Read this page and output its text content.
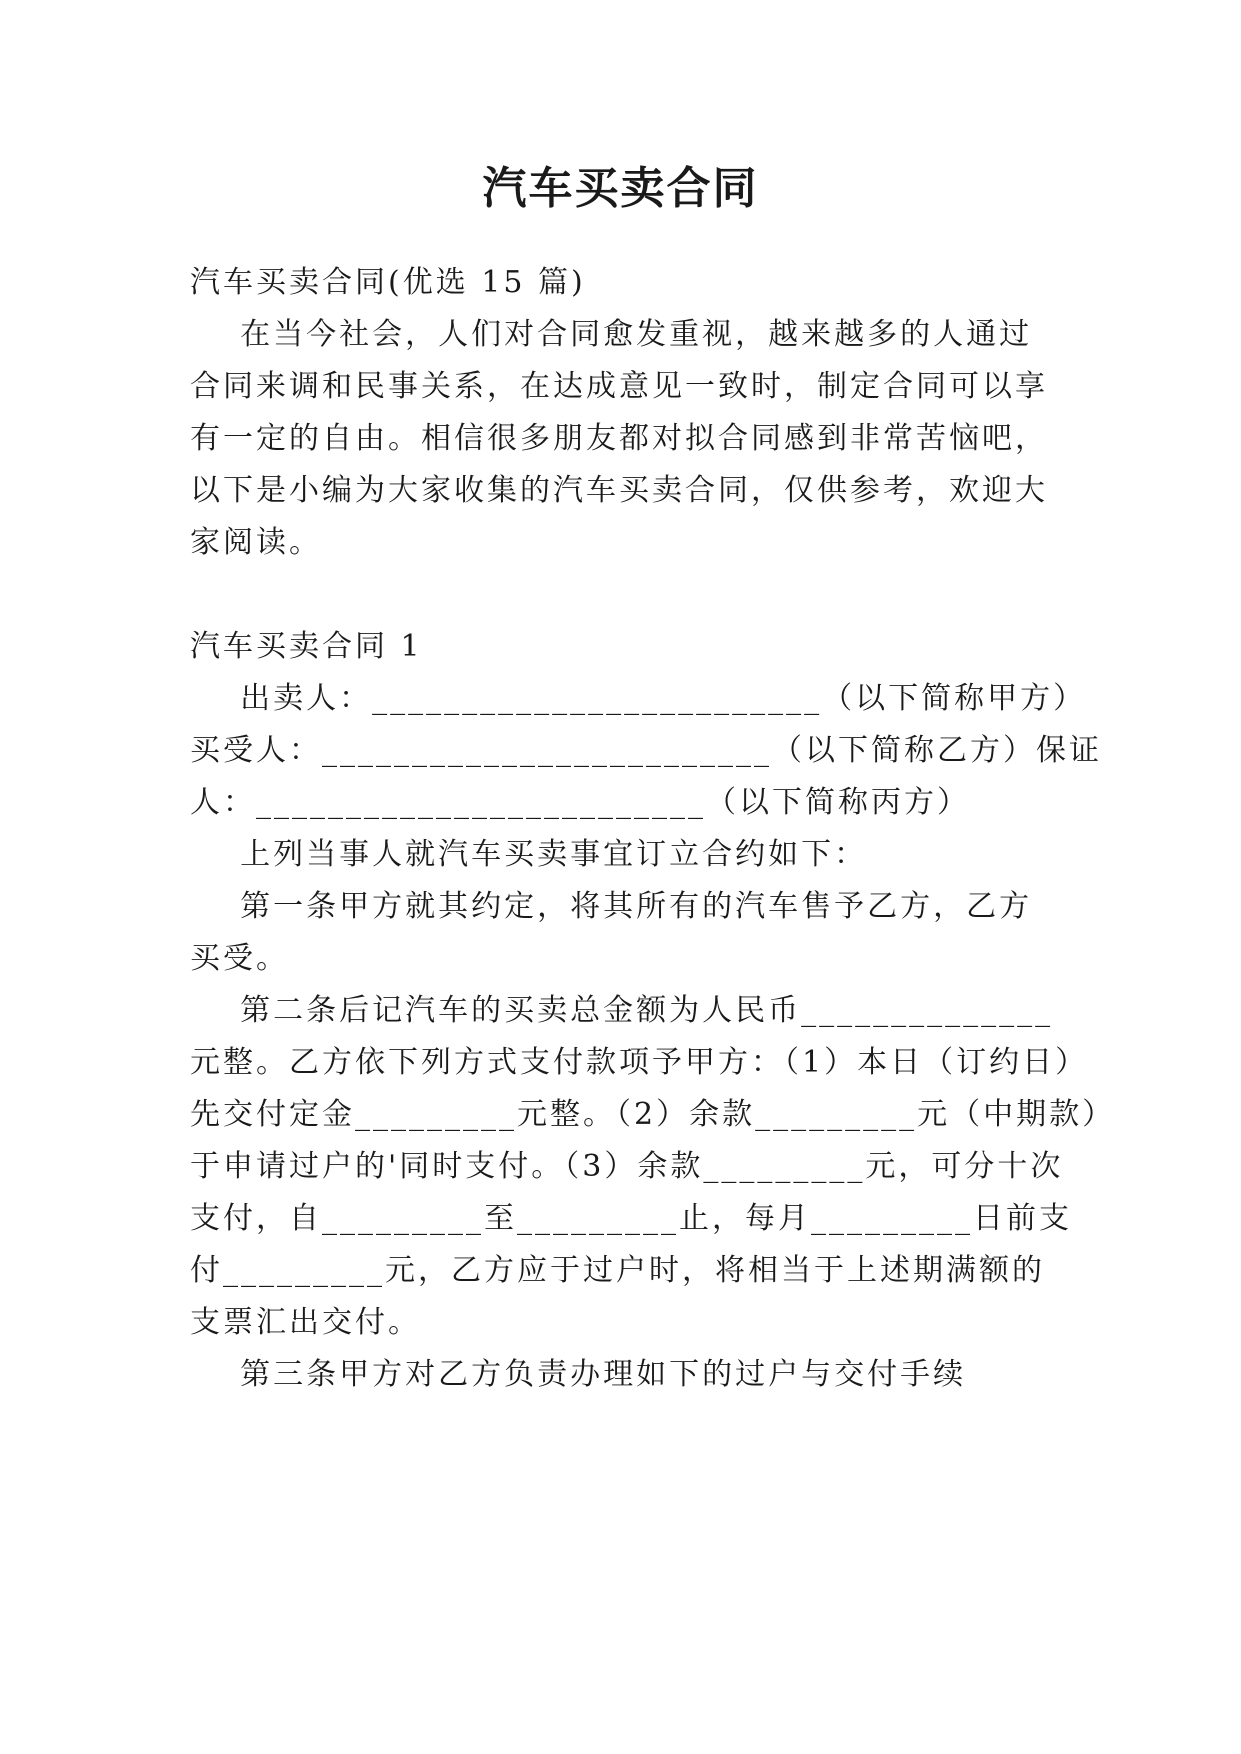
汽车买卖合同
汽车买卖合同(优选 15 篇)
在当今社会，人们对合同愈发重视，越来越多的人通过
合同来调和民事关系，在达成意见一致时，制定合同可以享
有一定的自由。相信很多朋友都对拟合同感到非常苦恼吧，
以下是小编为大家收集的汽车买卖合同，仅供参考，欢迎大
家阅读。
汽车买卖合同 1
出卖人：_________________________（以下简称甲方）
买受人：_________________________（以下简称乙方）保证
人：_________________________（以下简称丙方）
上列当事人就汽车买卖事宜订立合约如下：
第一条甲方就其约定，将其所有的汽车售予乙方，乙方
买受。
第二条后记汽车的买卖总金额为人民币______________
元整。乙方依下列方式支付款项予甲方：（1）本日（订约日）
先交付定金_________元整。（2）余款_________元（中期款）
于申请过户的'同时支付。（3）余款_________元，可分十次
支付，自_________至_________止，每月_________日前支
付_________元，乙方应于过户时，将相当于上述期满额的
支票汇出交付。
第三条甲方对乙方负责办理如下的过户与交付手续
